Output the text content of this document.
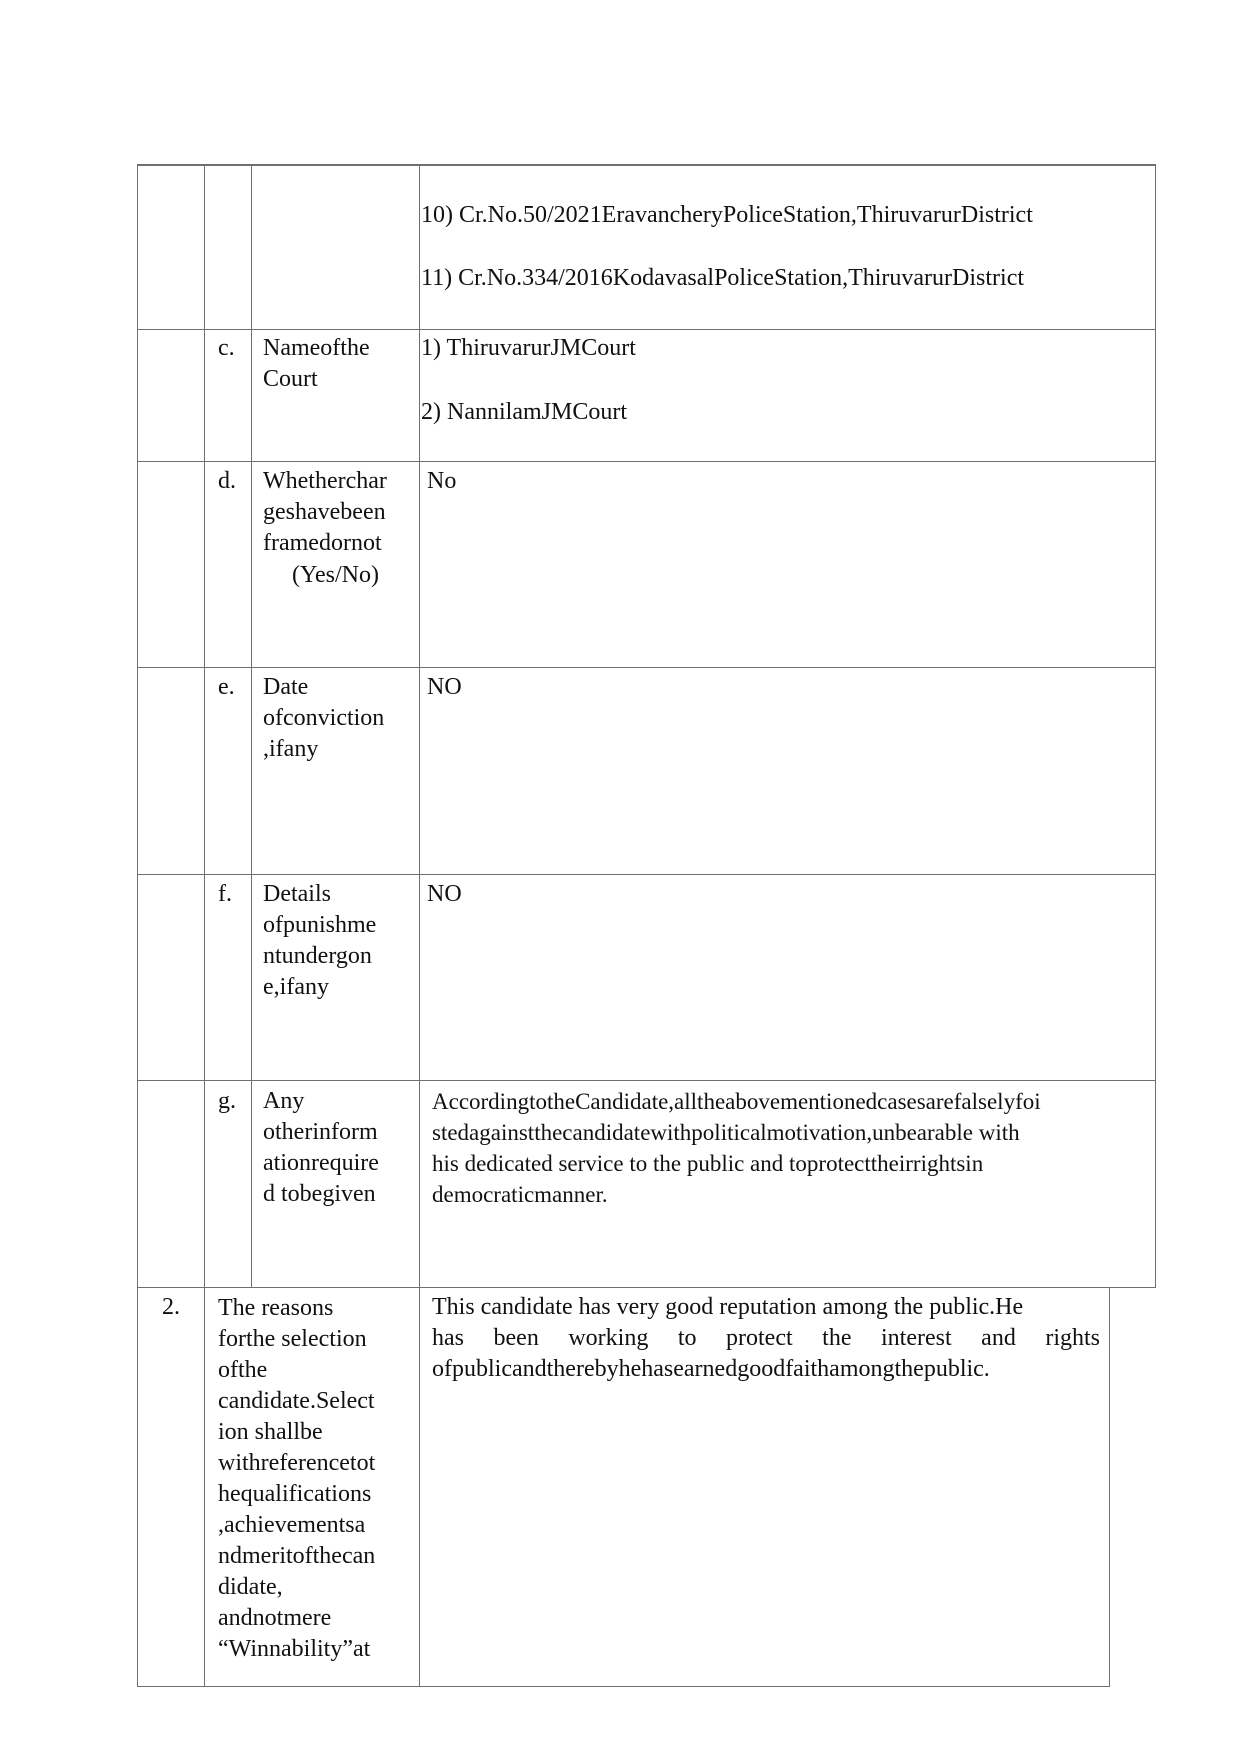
10) Cr.No.50/2021EravancheryPoliceStation,ThiruvarurDistrict
11) Cr.No.334/2016KodavasalPoliceStation,ThiruvarurDistrict
c. Nameofthe
Court
1) ThiruvarurJMCourt
2) NannilamJMCourt
d. Whetherchar
geshavebeen
framedornot
(Yes/No)
No
e. Date
ofconviction
,ifany
NO
f. Details
ofpunishme
ntundergon
e,ifany
NO
g. Any
otherinform
ationrequire
d tobegiven
AccordingtotheCandidate,alltheabovementionedcasesarefalselyfoi
stedagainstthecandidatewithpoliticalmotivation,unbearable with
his dedicated service to the public and toprotecttheirrightsin
democraticmanner.
2. The reasons
forthe selection
ofthe
candidate.Select
ion shallbe
withreferencetot
hequalifications
,achievementsa
ndmeritofthecan
didate,
andnotmere
“Winnability”at
This candidate has very good reputation among the public.He
has been working to protect the interest and rights
ofpublicandtherebyhehasearnedgoodfaithamongthepublic.
